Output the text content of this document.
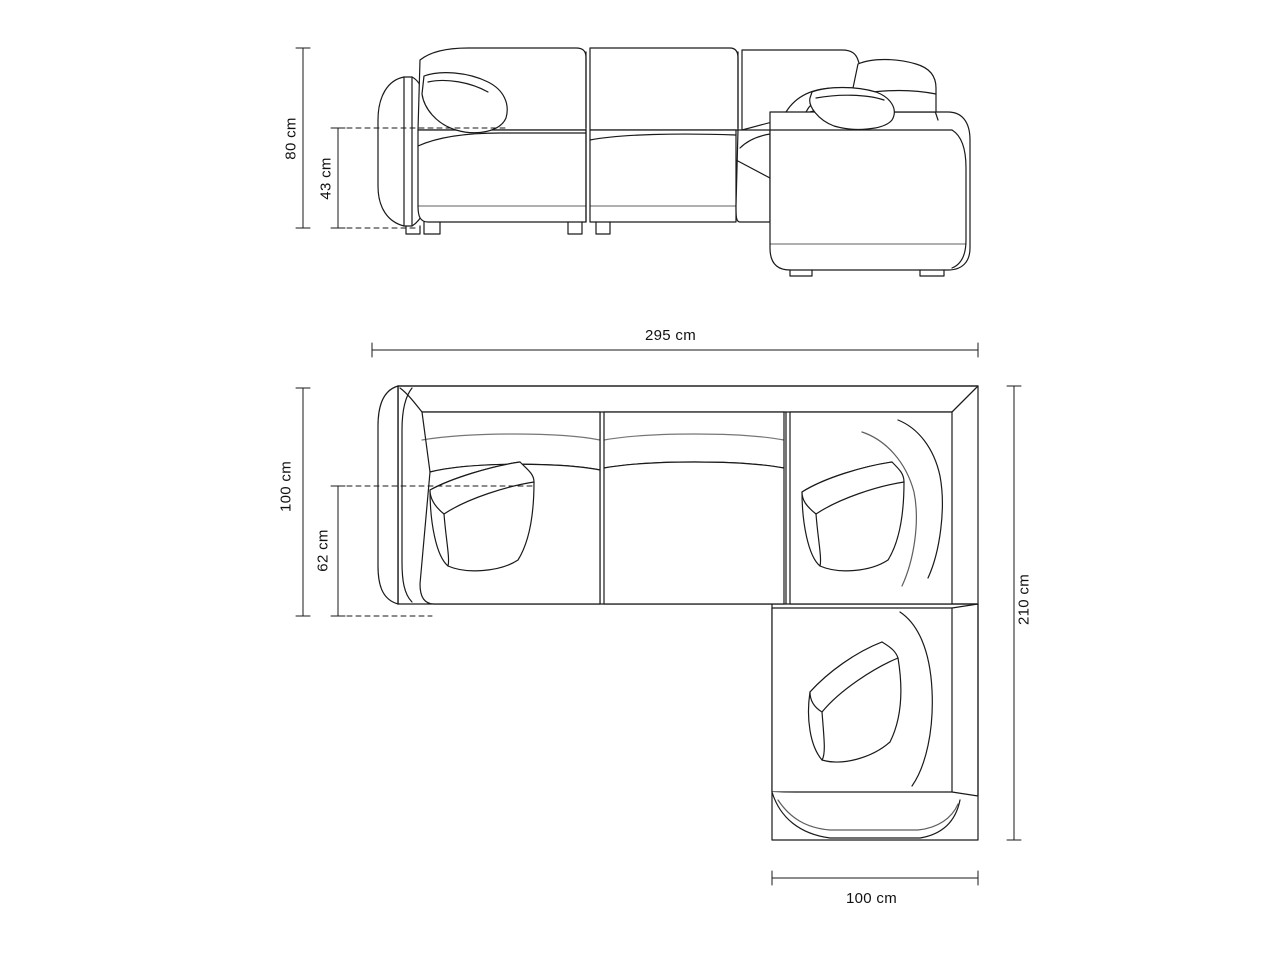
80 cm
43 cm
295 cm
100 cm
62 cm
210 cm
100 cm
